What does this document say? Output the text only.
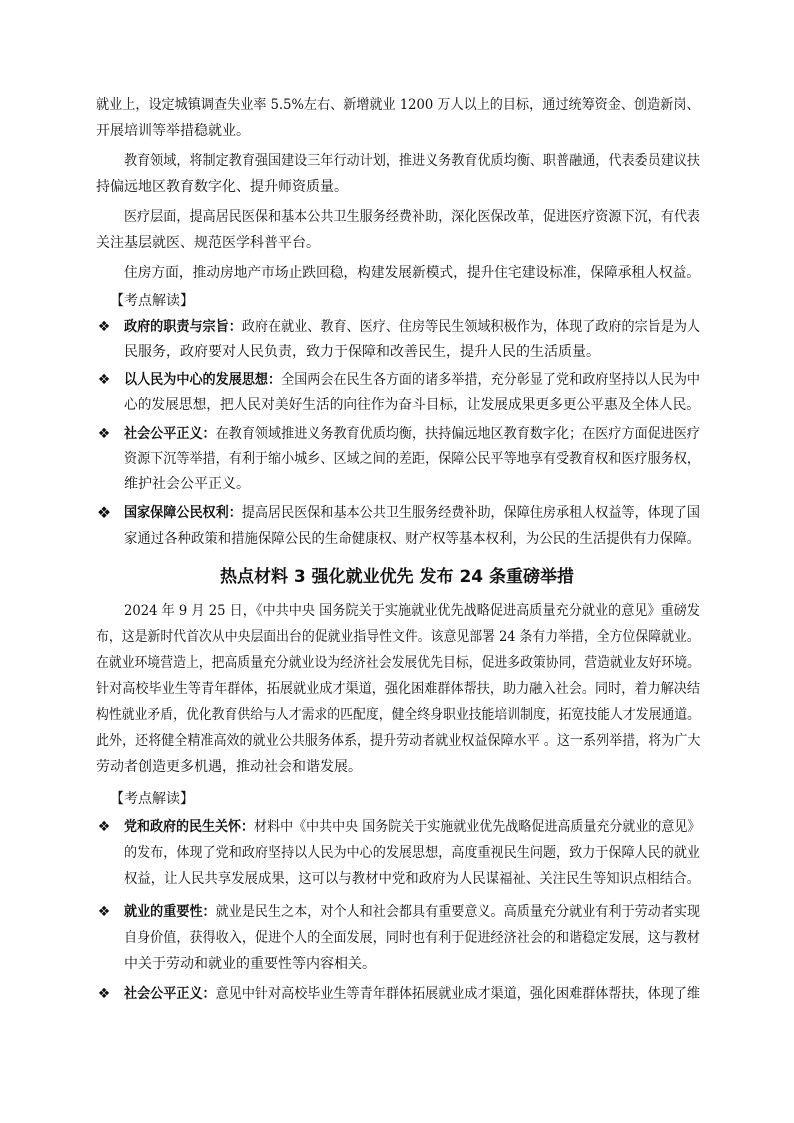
就业上，设定城镇调查失业率 5.5%左右、新增就业 1200 万人以上的目标，通过统筹资金、创造新岗、
开展培训等举措稳就业。
教育领域，将制定教育强国建设三年行动计划，推进义务教育优质均衡、职普融通，代表委员建议扶
持偏远地区教育数字化、提升师资质量。
医疗层面，提高居民医保和基本公共卫生服务经费补助，深化医保改革，促进医疗资源下沉，有代表
关注基层就医、规范医学科普平台。
住房方面，推动房地产市场止跌回稳，构建发展新模式，提升住宅建设标准，保障承租人权益。
【考点解读】
❖ 政府的职责与宗旨：政府在就业、教育、医疗、住房等民生领域积极作为，体现了政府的宗旨是为人
民服务，政府要对人民负责，致力于保障和改善民生，提升人民的生活质量。
❖ 以人民为中心的发展思想：全国两会在民生各方面的诸多举措，充分彰显了党和政府坚持以人民为中
心的发展思想，把人民对美好生活的向往作为奋斗目标，让发展成果更多更公平惠及全体人民。
❖ 社会公平正义：在教育领域推进义务教育优质均衡，扶持偏远地区教育数字化；在医疗方面促进医疗
资源下沉等举措，有利于缩小城乡、区域之间的差距，保障公民平等地享有受教育权和医疗服务权，
维护社会公平正义。
❖ 国家保障公民权利：提高居民医保和基本公共卫生服务经费补助，保障住房承租人权益等，体现了国
家通过各种政策和措施保障公民的生命健康权、财产权等基本权利，为公民的生活提供有力保障。
热点材料 3 强化就业优先 发布 24 条重磅举措
2024 年 9 月 25 日，《中共中央 国务院关于实施就业优先战略促进高质量充分就业的意见》重磅发
布，这是新时代首次从中央层面出台的促就业指导性文件。该意见部署 24 条有力举措，全方位保障就业。
在就业环境营造上，把高质量充分就业设为经济社会发展优先目标，促进多政策协同，营造就业友好环境。
针对高校毕业生等青年群体，拓展就业成才渠道，强化困难群体帮扶，助力融入社会。同时，着力解决结
构性就业矛盾，优化教育供给与人才需求的匹配度，健全终身职业技能培训制度，拓宽技能人才发展通道。
此外，还将健全精准高效的就业公共服务体系，提升劳动者就业权益保障水平 。这一系列举措，将为广大
劳动者创造更多机遇，推动社会和谐发展。
【考点解读】
❖ 党和政府的民生关怀：材料中《中共中央 国务院关于实施就业优先战略促进高质量充分就业的意见》
的发布，体现了党和政府坚持以人民为中心的发展思想，高度重视民生问题，致力于保障人民的就业
权益，让人民共享发展成果，这可以与教材中党和政府为人民谋福祉、关注民生等知识点相结合。
❖ 就业的重要性：就业是民生之本，对个人和社会都具有重要意义。高质量充分就业有利于劳动者实现
自身价值，获得收入，促进个人的全面发展，同时也有利于促进经济社会的和谐稳定发展，这与教材
中关于劳动和就业的重要性等内容相关。
❖ 社会公平正义：意见中针对高校毕业生等青年群体拓展就业成才渠道，强化困难群体帮扶，体现了维
